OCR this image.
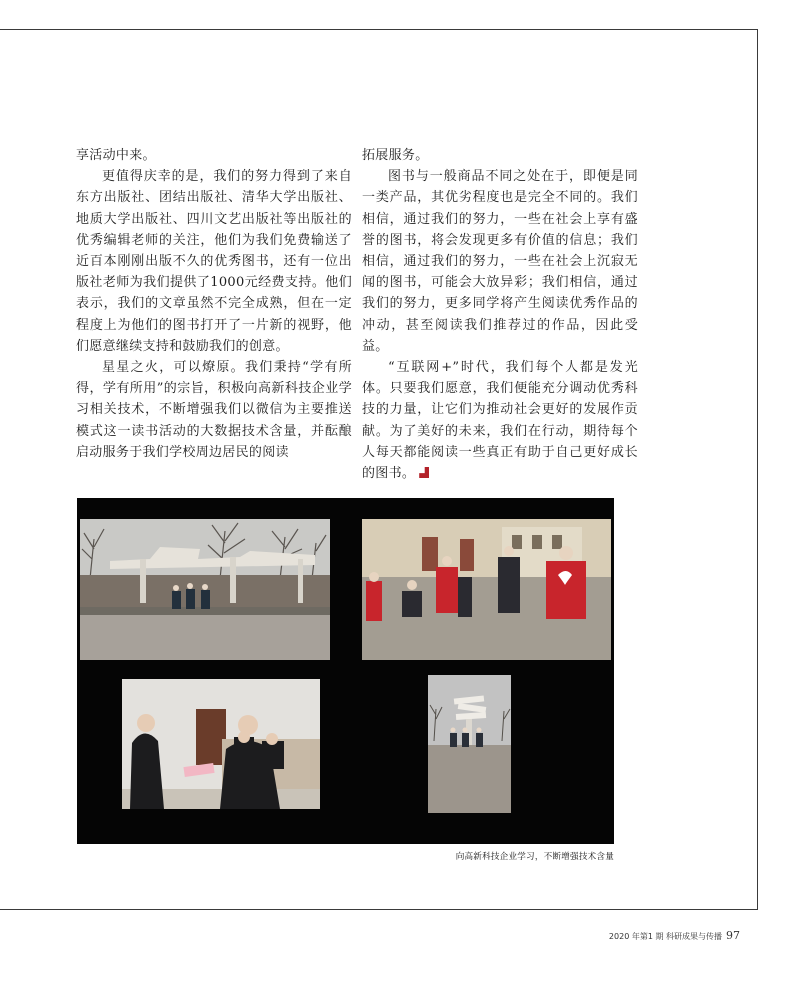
享活动中来。

更值得庆幸的是，我们的努力得到了来自东方出版社、团结出版社、清华大学出版社、地质大学出版社、四川文艺出版社等出版社的优秀编辑老师的关注，他们为我们免费输送了近百本刚刚出版不久的优秀图书，还有一位出版社老师为我们提供了1000元经费支持。他们表示，我们的文章虽然不完全成熟，但在一定程度上为他们的图书打开了一片新的视野，他们愿意继续支持和鼓励我们的创意。

星星之火，可以燎原。我们秉持“学有所得，学有所用”的宗旨，积极向高新科技企业学习相关技术，不断增强我们以微信为主要推送模式这一读书活动的大数据技术含量，并酝酿启动服务于我们学校周边居民的阅读

拓展服务。

图书与一般商品不同之处在于，即便是同一类产品，其优劣程度也是完全不同的。我们相信，通过我们的努力，一些在社会上享有盛誉的图书，将会发现更多有价值的信息；我们相信，通过我们的努力，一些在社会上沉寂无闻的图书，可能会大放异彩；我们相信，通过我们的努力，更多同学将产生阅读优秀作品的冲动，甚至阅读我们推荐过的作品，因此受益。

“互联网+”时代，我们每个人都是发光体。只要我们愿意，我们便能充分调动优秀科技的力量，让它们为推动社会更好的发展作贡献。为了美好的未来，我们在行动，期待每个人每天都能阅读一些真正有助于自己更好成长的图书。

向高新科技企业学习，不断增强技术含量
2020 年第1 期 科研成果与传播 97
